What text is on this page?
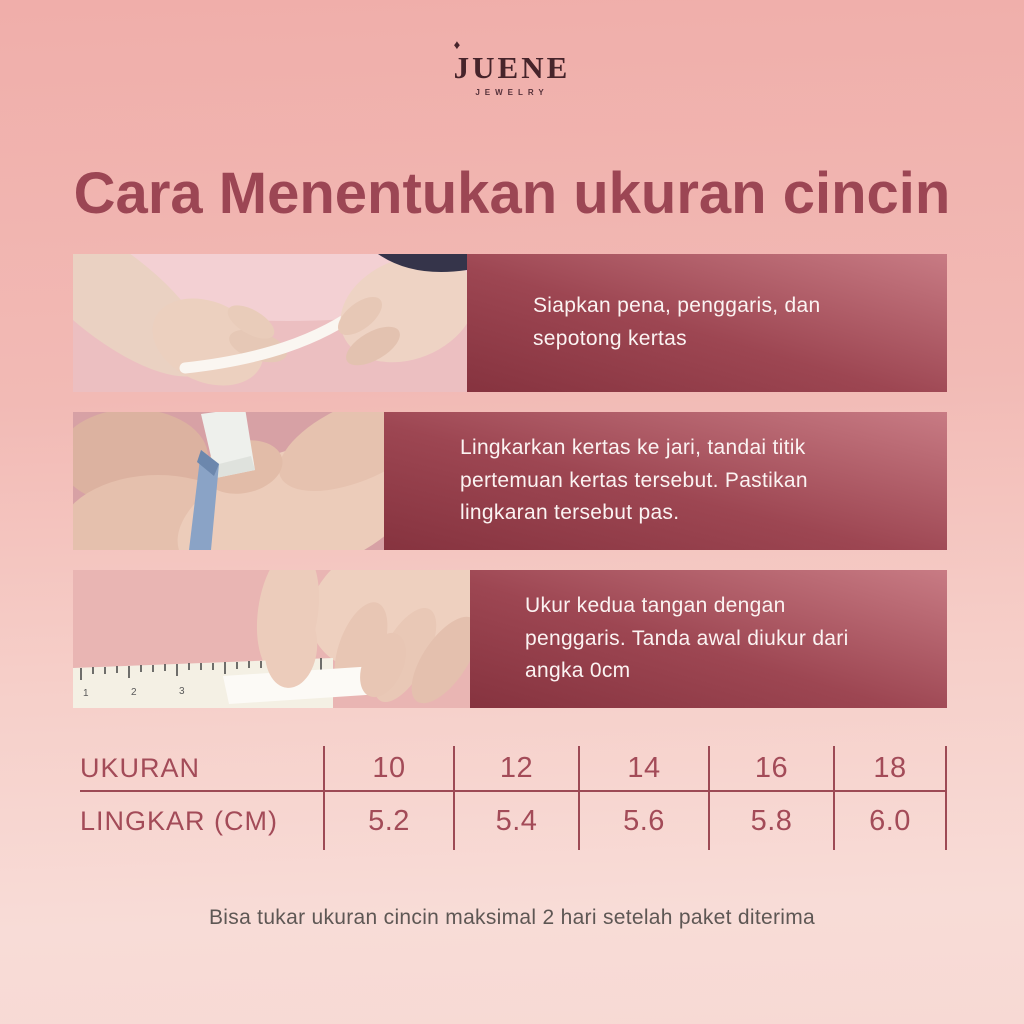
♦
JUENE
JEWELRY
Cara Menentukan ukuran cincin
Siapkan pena, penggaris, dan sepotong kertas
Lingkarkan kertas ke jari, tandai titik pertemuan kertas tersebut. Pastikan lingkaran tersebut pas.
1	2	3
Ukur kedua tangan dengan penggaris. Tanda awal diukur dari angka 0cm
UKURAN	10	12	14	16	18
LINGKAR (CM)	5.2	5.4	5.6	5.8	6.0
Bisa tukar ukuran cincin maksimal 2 hari setelah paket diterima
